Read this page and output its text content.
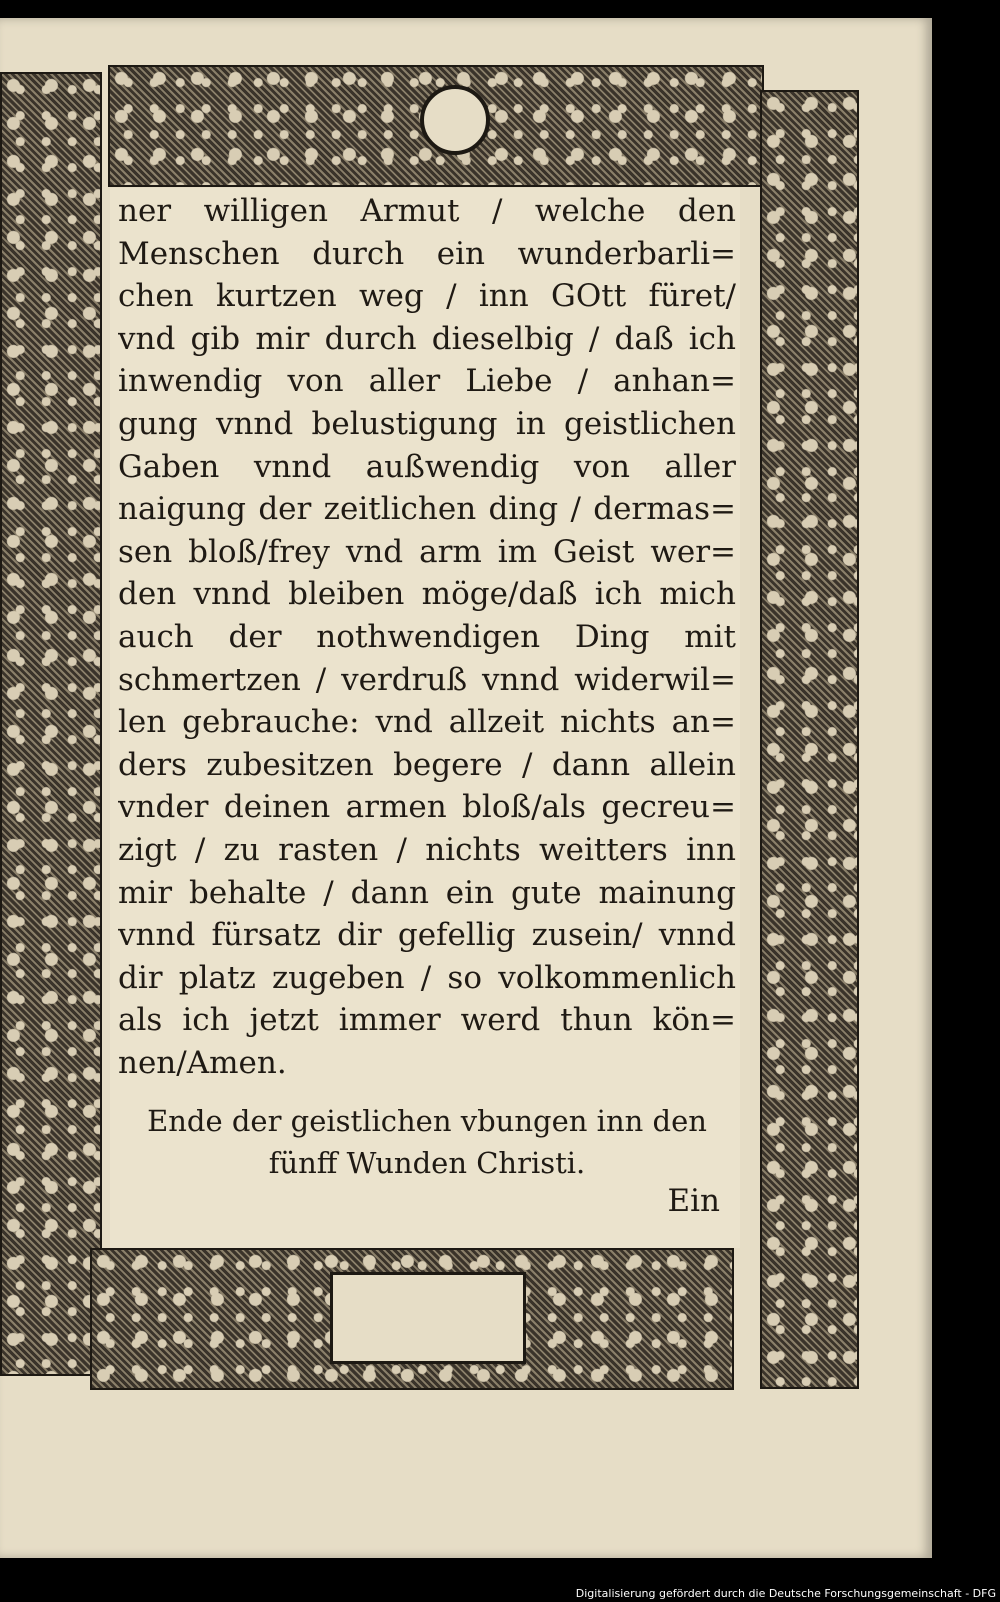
ner willigen Armut / welche den
Menschen durch ein wunderbarli=
chen kurtzen weg / inn GOtt füret/
vnd gib mir durch dieselbig / daß ich
inwendig von aller Liebe / anhan=
gung vnnd belustigung in geistlichen
Gaben vnnd außwendig von aller
naigung der zeitlichen ding / dermas=
sen bloß/frey vnd arm im Geist wer=
den vnnd bleiben möge/daß ich mich
auch der nothwendigen Ding mit
schmertzen / verdruß vnnd widerwil=
len gebrauche: vnd allzeit nichts an=
ders zubesitzen begere / dann allein
vnder deinen armen bloß/als gecreu=
zigt / zu rasten / nichts weitters inn
mir behalte / dann ein gute mainung
vnnd fürsatz dir gefellig zusein/ vnnd
dir platz zugeben / so volkommenlich
als ich jetzt immer werd thun kön=
nen/Amen.
Ende der geistlichen vbungen inn den
fünff Wunden Christi.
Ein
Digitalisierung gefördert durch die Deutsche Forschungsgemeinschaft - DFG
